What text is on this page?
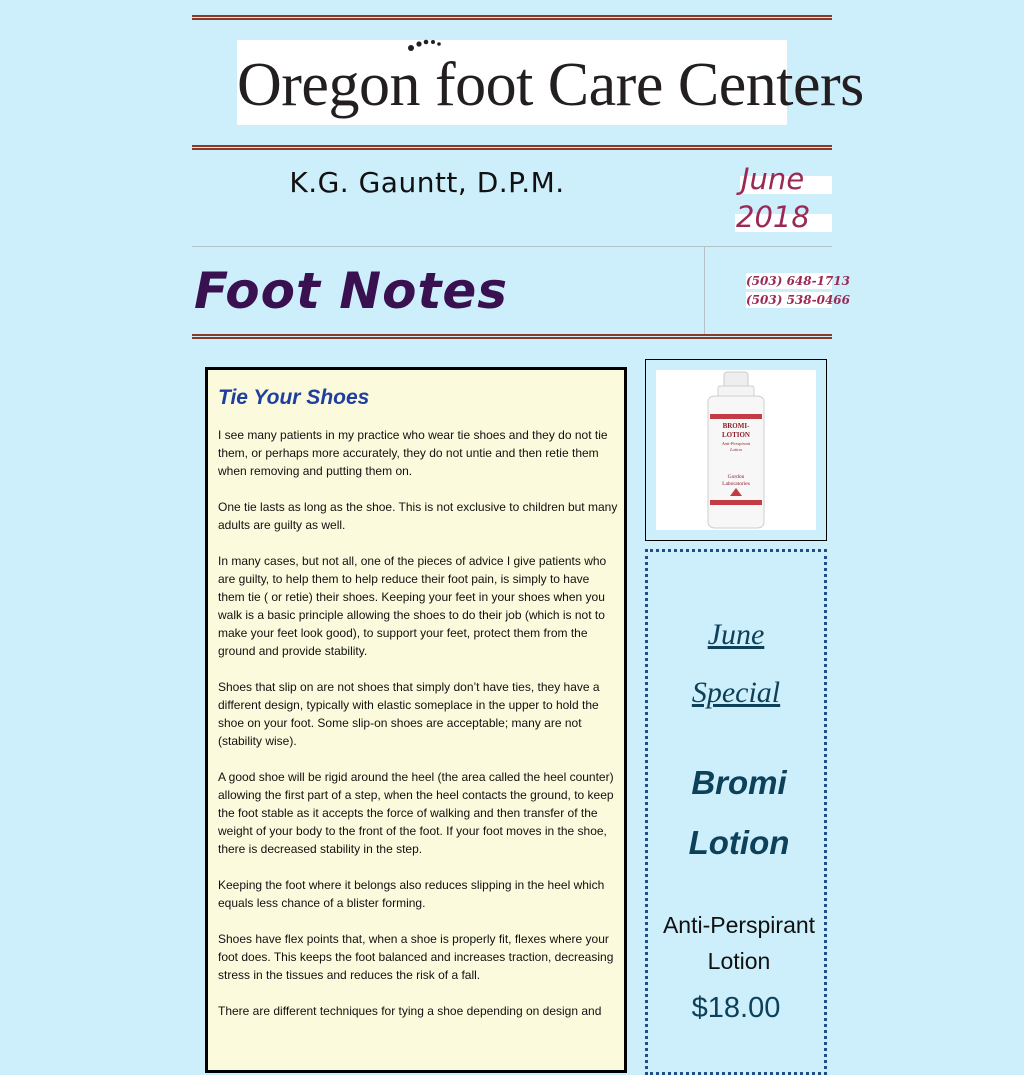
Oregon foot Care Centers
K.G. Gauntt, D.P.M.	June
2018
Foot Notes	(503) 648-1713
(503) 538-0466
Tie Your Shoes

I see many patients in my practice who wear tie shoes and they do not tie them, or perhaps more accurately, they do not untie and then retie them when removing and putting them on.

One tie lasts as long as the shoe. This is not exclusive to children but many adults are guilty as well.

In many cases, but not all, one of the pieces of advice I give patients who are guilty, to help them to help reduce their foot pain, is simply to have them tie ( or retie) their shoes. Keeping your feet in your shoes when you walk is a basic principle allowing the shoes to do their job (which is not to make your feet look good), to support your feet, protect them from the ground and provide stability.

Shoes that slip on are not shoes that simply don’t have ties, they have a different design, typically with elastic someplace in the upper to hold the shoe on your foot. Some slip-on shoes are acceptable; many are not (stability wise).

A good shoe will be rigid around the heel (the area called the heel counter) allowing the first part of a step, when the heel contacts the ground, to keep the foot stable as it accepts the force of walking and then transfer of the weight of your body to the front of the foot. If your foot moves in the shoe, there is decreased stability in the step.

Keeping the foot where it belongs also reduces slipping in the heel which equals less chance of a blister forming.

Shoes have flex points that, when a shoe is properly fit, flexes where your foot does. This keeps the foot balanced and increases traction, decreasing stress in the tissues and reduces the risk of a fall.

There are different techniques for tying a shoe depending on design and

BROMI-
LOTION
Anti-Perspirant
Lotion
Gordon
Laboratories
June
Special
Bromi
Lotion
Anti-Perspirant
Lotion
$18.00
